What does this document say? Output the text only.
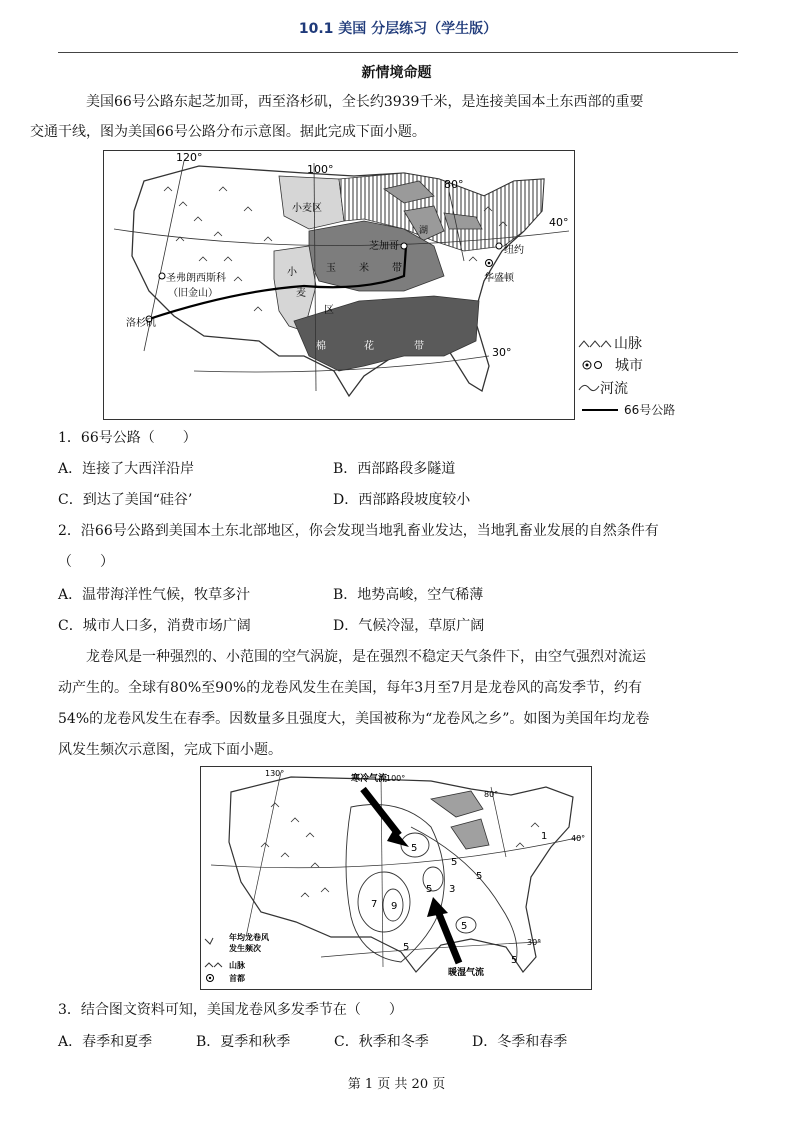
10.1 美国 分层练习（学生版）
新情境命题
美国66号公路东起芝加哥，西至洛杉矶，全长约3939千米，是连接美国本土东西部的重要
交通干线，图为美国66号公路分布示意图。据此完成下面小题。
120°
100°
80°
40°
30°
小麦区
芝加哥
玉 米 带
小
麦
区
圣弗朗西斯科
（旧金山）
洛杉矶
纽约
华盛顿
湖
棉	花	带	山脉
城市
河流
66号公路
1．66号公路（　　）
A．连接了大西洋沿岸	B．西部路段多隧道
C．到达了美国“硅谷’	D．西部路段坡度较小
2．沿66号公路到美国本土东北部地区，你会发现当地乳畜业发达，当地乳畜业发展的自然条件有
（　　）
A．温带海洋性气候，牧草多汁	B．地势高峻，空气稀薄
C．城市人口多，消费市场广阔	D．气候冷湿，草原广阔
龙卷风是一种强烈的、小范围的空气涡旋，是在强烈不稳定天气条件下，由空气强烈对流运
动产生的。全球有80%至90%的龙卷风发生在美国，每年3月至7月是龙卷风的高发季节，约有
54%的龙卷风发生在春季。因数量多且强度大，美国被称为“龙卷风之乡”。如图为美国年均龙卷
风发生频次示意图，完成下面小题。
寒冷气流
暖湿气流
130°
100°
80°
40°
30°
5
5
5
5
5
5
5
3
7 9
1
年均龙卷风
发生频次
山脉
首都
3．结合图文资料可知，美国龙卷风多发季节在（　　）
A．春季和夏季	B．夏季和秋季	C．秋季和冬季	D．冬季和春季
第 1 页 共 20 页
